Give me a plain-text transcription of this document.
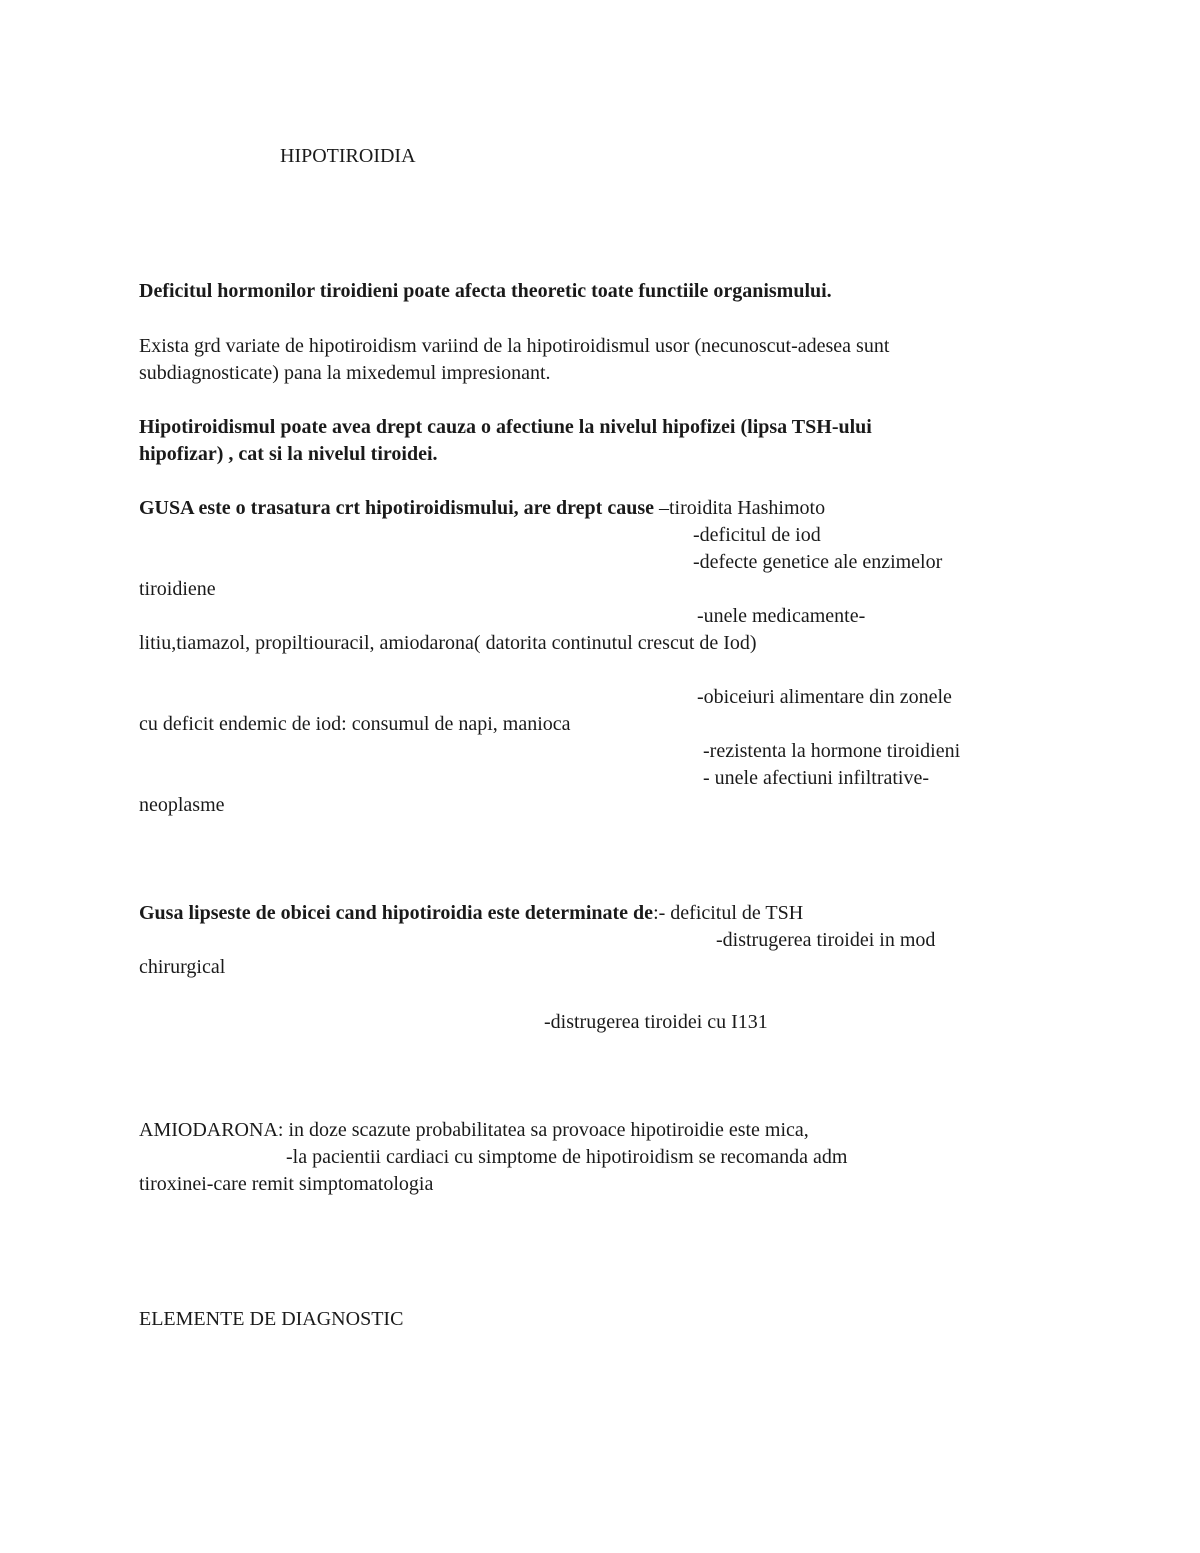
HIPOTIROIDIA
Deficitul hormonilor tiroidieni poate afecta theoretic toate functiile organismului.
Exista grd variate de hipotiroidism variind de la hipotiroidismul usor (necunoscut-adesea sunt
subdiagnosticate) pana la mixedemul impresionant.
Hipotiroidismul poate avea drept cauza o afectiune la nivelul hipofizei (lipsa TSH-ului
hipofizar) , cat si la nivelul tiroidei.
GUSA este o trasatura crt hipotiroidismului, are drept cause –tiroidita Hashimoto
-deficitul de iod
-defecte genetice ale enzimelor
tiroidiene
-unele medicamente-
litiu,tiamazol, propiltiouracil, amiodarona( datorita continutul crescut de Iod)
-obiceiuri alimentare din zonele
cu deficit endemic de iod: consumul de napi, manioca
-rezistenta la hormone tiroidieni
- unele afectiuni infiltrative-
neoplasme
Gusa lipseste de obicei cand hipotiroidia este determinate de:- deficitul de TSH
-distrugerea tiroidei in mod
chirurgical
-distrugerea tiroidei cu I131
AMIODARONA: in doze scazute probabilitatea sa provoace hipotiroidie este mica,
-la pacientii cardiaci cu simptome de hipotiroidism se recomanda adm
tiroxinei-care remit simptomatologia
ELEMENTE DE DIAGNOSTIC
